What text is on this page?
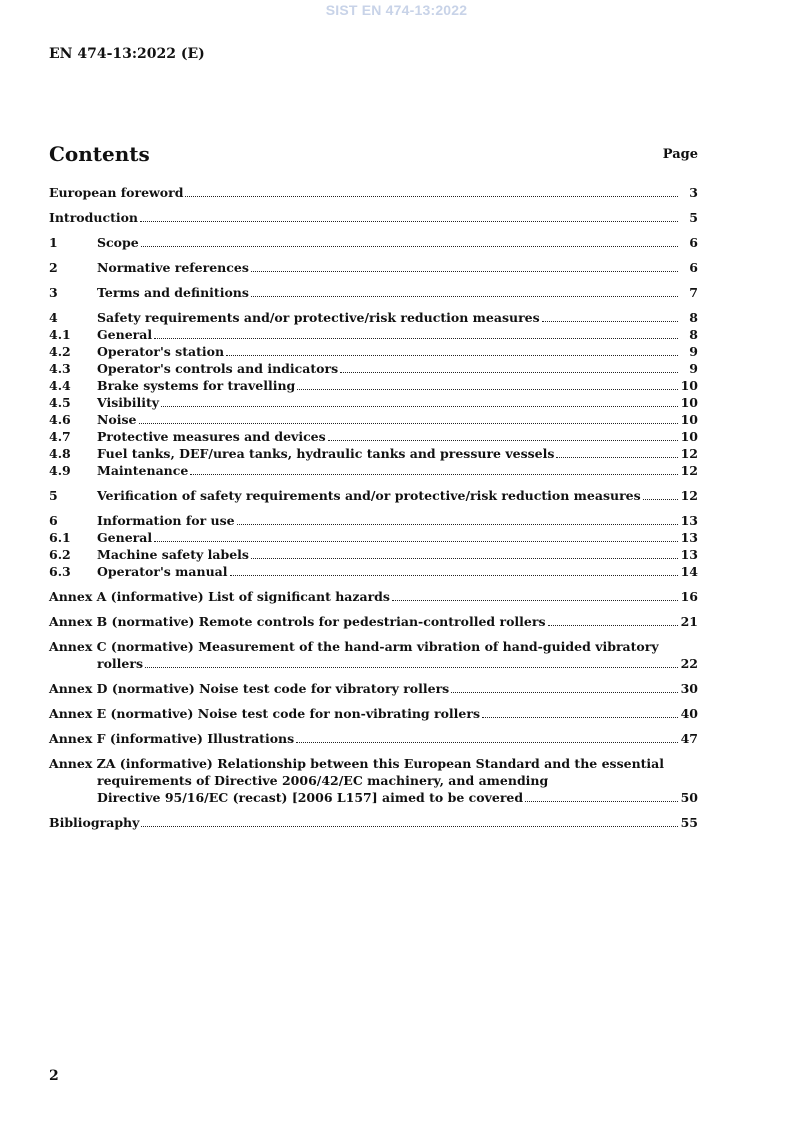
SIST EN 474-13:2022
EN 474-13:2022 (E)
Contents	Page
European foreword	3
Introduction	5
1	Scope	6
2	Normative references	6
3	Terms and definitions	7
4	Safety requirements and/or protective/risk reduction measures	8
4.1	General	8
4.2	Operator's station	9
4.3	Operator's controls and indicators	9
4.4	Brake systems for travelling	10
4.5	Visibility	10
4.6	Noise	10
4.7	Protective measures and devices	10
4.8	Fuel tanks, DEF/urea tanks, hydraulic tanks and pressure vessels	12
4.9	Maintenance	12
5	Verification of safety requirements and/or protective/risk reduction measures	12
6	Information for use	13
6.1	General	13
6.2	Machine safety labels	13
6.3	Operator's manual	14
Annex A (informative) List of significant hazards	16
Annex B (normative) Remote controls for pedestrian-controlled rollers	21
Annex C (normative) Measurement of the hand-arm vibration of hand-guided vibratory
rollers	22
Annex D (normative) Noise test code for vibratory rollers	30
Annex E (normative) Noise test code for non-vibrating rollers	40
Annex F (informative) Illustrations	47
Annex ZA (informative) Relationship between this European Standard and the essential
requirements of Directive 2006/42/EC machinery, and amending
Directive 95/16/EC (recast) [2006 L157] aimed to be covered	50
Bibliography	55
2
